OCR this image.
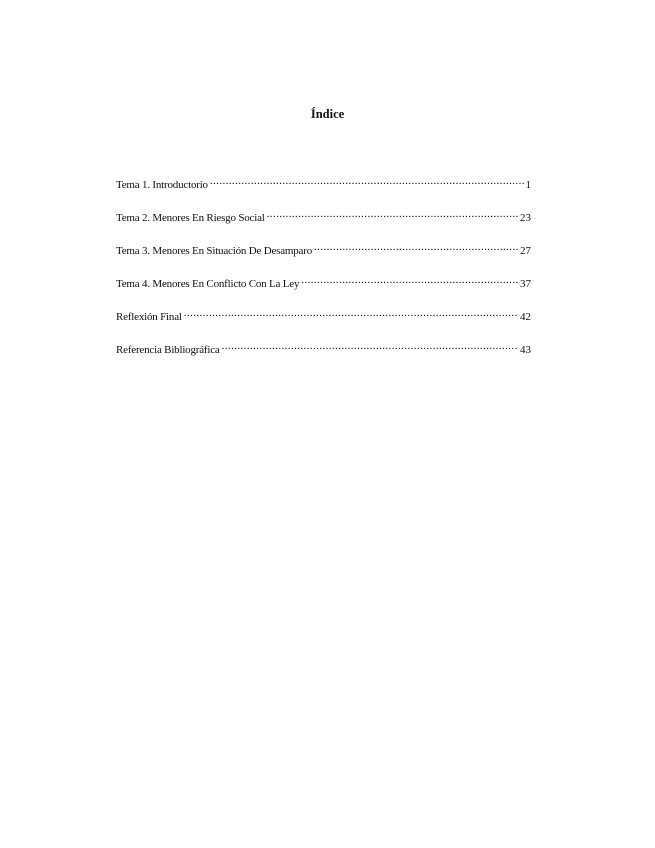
Índice
Tema 1. Introductorio .....	1
Tema 2. Menores En Riesgo Social .....	23
Tema 3. Menores En Situación De Desamparo .....	27
Tema 4. Menores En Conflicto Con La Ley .....	37
Reflexión Final .....	42
Referencia Bibliográfica .....	43
